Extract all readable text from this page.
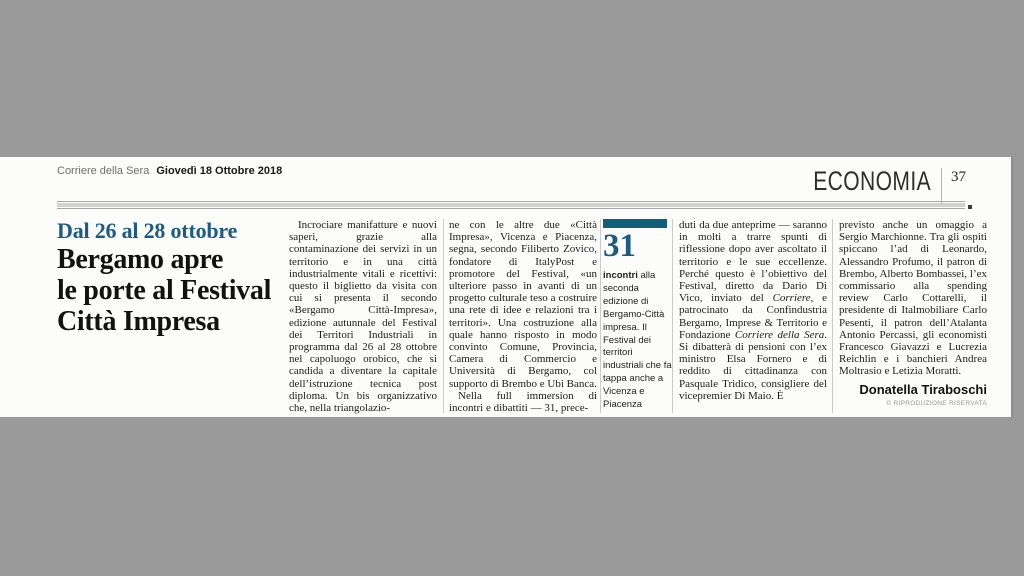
Corriere della Sera Giovedì 18 Ottobre 2018	ECONOMIA 37
Dal 26 al 28 ottobre
Bergamo apre
le porte al Festival
Città Impresa

Incrociare manifatture e nuovi saperi, grazie alla contaminazione dei servizi in un territorio e in una città industrialmente vitali e ricettivi: questo il biglietto da visita con cui si presenta il secondo «Bergamo Città-Impresa», edizione autunnale del Festival dei Territori Industriali in programma dal 26 al 28 ottobre nel capoluogo orobico, che si candida a diventare la capitale dell’istruzione tecnica post diploma. Un bis organizzativo che, nella triangolazio-

ne con le altre due «Città Impresa», Vicenza e Piacenza, segna, secondo Filiberto Zovico, fondatore di ItalyPost e promotore del Festival, «un ulteriore passo in avanti di un progetto culturale teso a costruire una rete di idee e relazioni tra i territori». Una costruzione alla quale hanno risposto in modo convinto Comune, Provincia, Camera di Commercio e Università di Bergamo, col supporto di Brembo e Ubi Banca.

Nella full immersion di incontri e dibattiti — 31, prece-

31

incontri alla seconda edizione di Bergamo-Città impresa. Il Festival dei territori industriali che fa tappa anche a Vicenza e Piacenza

duti da due anteprime — saranno in molti a trarre spunti di riflessione dopo aver ascoltato il territorio e le sue eccellenze. Perché questo è l’obiettivo del Festival, diretto da Dario Di Vico, inviato del Corriere, e patrocinato da Confindustria Bergamo, Imprese & Territorio e Fondazione Corriere della Sera. Si dibatterà di pensioni con l’ex ministro Elsa Fornero e di reddito di cittadinanza con Pasquale Tridico, consigliere del vicepremier Di Maio. È

previsto anche un omaggio a Sergio Marchionne. Tra gli ospiti spiccano l’ad di Leonardo, Alessandro Profumo, il patron di Brembo, Alberto Bombassei, l’ex commissario alla spending review Carlo Cottarelli, il presidente di Italmobiliare Carlo Pesenti, il patron dell’Atalanta Antonio Percassi, gli economisti Francesco Giavazzi e Lucrezia Reichlin e i banchieri Andrea Moltrasio e Letizia Moratti.

Donatella Tiraboschi
© RIPRODUZIONE RISERVATA
